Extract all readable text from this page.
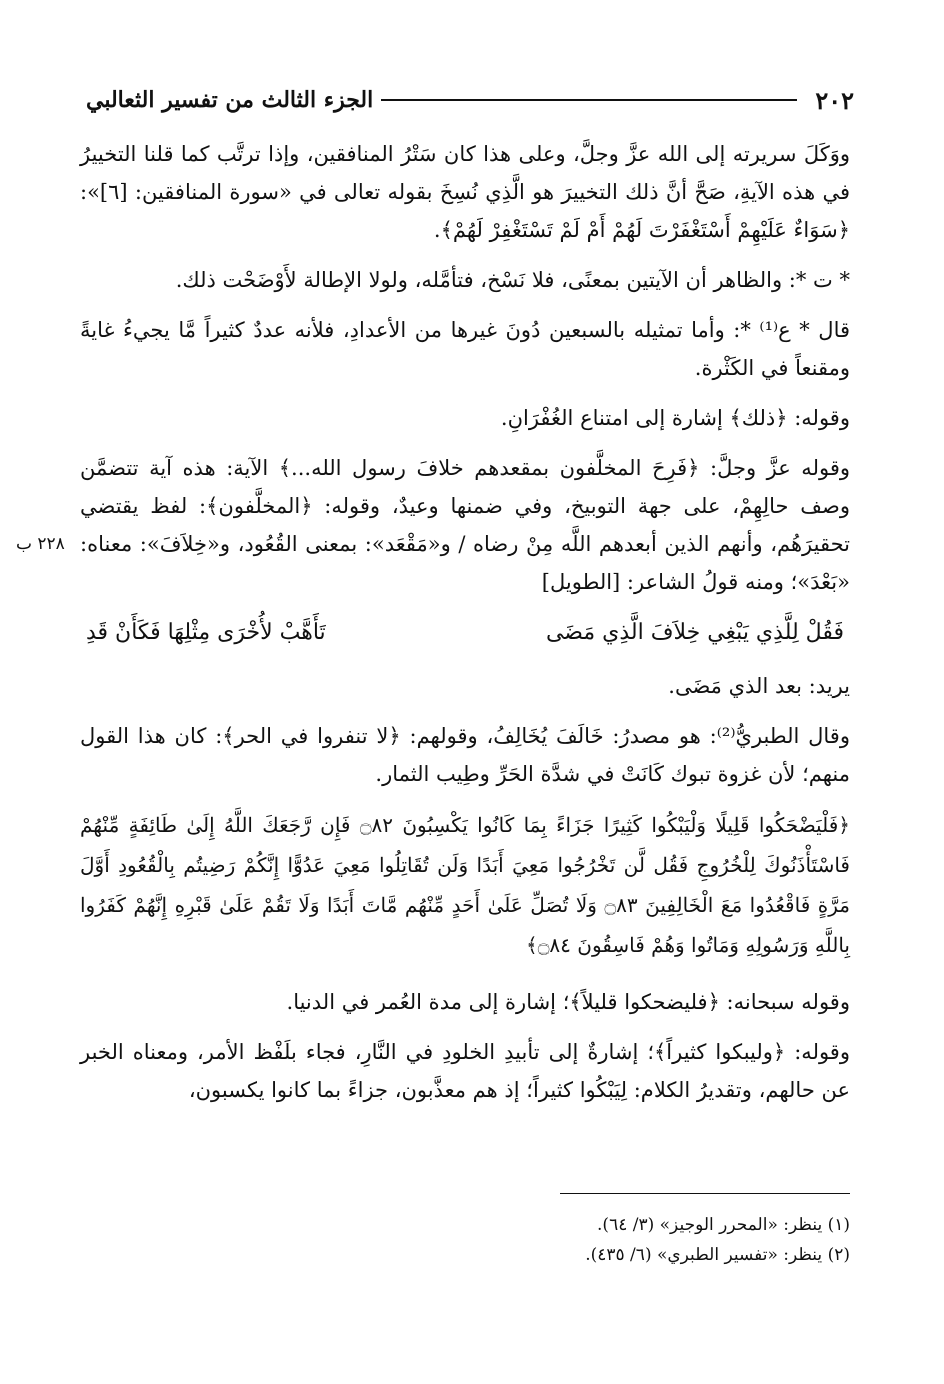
٢٠٢
الجزء الثالث من تفسير الثعالبي

ووَكَلَ سريرته إلى الله عزَّ وجلَّ، وعلى هذا كان سَتْرُ المنافقين، وإذا ترتَّب كما قلنا التخييرُ في هذه الآيةِ، صَحَّ أنَّ ذلك التخييرَ هو الَّذِي نُسِخَ بقوله تعالى في «سورة المنافقين: [٦]»: ﴿سَوَاءٌ عَلَيْهِمْ أَسْتَغْفَرْتَ لَهُمْ أَمْ لَمْ تَسْتَغْفِرْ لَهُمْ﴾.

* ت *: والظاهر أن الآيتين بمعنًى، فلا نَسْخ، فتأمَّله، ولولا الإطالة لأَوْضَحْت ذلك.

قال * ع⁽¹⁾ *: وأما تمثيله بالسبعين دُونَ غيرها من الأعدادِ، فلأنه عددٌ كثيراً مَّا يجيءُ غايةً ومقنعاً في الكَثْرة.

وقوله: ﴿ذلك﴾ إشارة إلى امتناع الغُفْرَانِ.

٢٢٨ ب

وقوله عزَّ وجلَّ: ﴿فَرِحَ المخلَّفون بمقعدهم خلافَ رسول الله...﴾ الآية: هذه آية تتضمَّن وصف حالِهِمْ، على جهة التوبيخ، وفي ضمنها وعيدٌ، وقوله: ﴿المخلَّفون﴾: لفظ يقتضي تحقيرَهُم، وأنهم الذين أبعدهم اللَّه مِنْ رضاه / و«مَقْعَد»: بمعنى القُعُود، و«خِلاَفَ»: معناه: «بَعْدَ»؛ ومنه قولُ الشاعر: [الطويل]

فَقُلْ لِلَّذِي يَبْغِي خِلاَفَ الَّذِي مَضَى
تَأَهَّبْ لأُخْرَى مِثْلِهَا فَكَأَنْ قَدِ

يريد: بعد الذي مَضَى.

وقال الطبريُّ⁽²⁾: هو مصدرُ: خَالَفَ يُخَالِفُ، وقولهم: ﴿لا تنفروا في الحر﴾: كان هذا القول منهم؛ لأن غزوة تبوك كَانَتْ في شدَّة الحَرِّ وطِيب الثمار.

﴿فَلْيَضْحَكُوا قَلِيلًا وَلْيَبْكُوا كَثِيرًا جَزَاءً بِمَا كَانُوا يَكْسِبُونَ ۝٨٢ فَإِن رَّجَعَكَ اللَّهُ إِلَىٰ طَائِفَةٍ مِّنْهُمْ فَاسْتَأْذَنُوكَ لِلْخُرُوجِ فَقُل لَّن تَخْرُجُوا مَعِيَ أَبَدًا وَلَن تُقَاتِلُوا مَعِيَ عَدُوًّا إِنَّكُمْ رَضِيتُم بِالْقُعُودِ أَوَّلَ مَرَّةٍ فَاقْعُدُوا مَعَ الْخَالِفِينَ ۝٨٣ وَلَا تُصَلِّ عَلَىٰ أَحَدٍ مِّنْهُم مَّاتَ أَبَدًا وَلَا تَقُمْ عَلَىٰ قَبْرِهِ إِنَّهُمْ كَفَرُوا بِاللَّهِ وَرَسُولِهِ وَمَاتُوا وَهُمْ فَاسِقُونَ ۝٨٤﴾

وقوله سبحانه: ﴿فليضحكوا قليلاً﴾؛ إشارة إلى مدة العُمر في الدنيا.

وقوله: ﴿وليبكوا كثيراً﴾؛ إشارةٌ إلى تأبيدِ الخلودِ في النَّارِ، فجاء بلَفْظ الأمر، ومعناه الخبر عن حالهم، وتقديرُ الكلام: لِيَبْكُوا كثيراً؛ إذ هم معذَّبون، جزاءً بما كانوا يكسبون،

(١) ينظر: «المحرر الوجيز» (٣/ ٦٤).

(٢) ينظر: «تفسير الطبري» (٦/ ٤٣٥).
